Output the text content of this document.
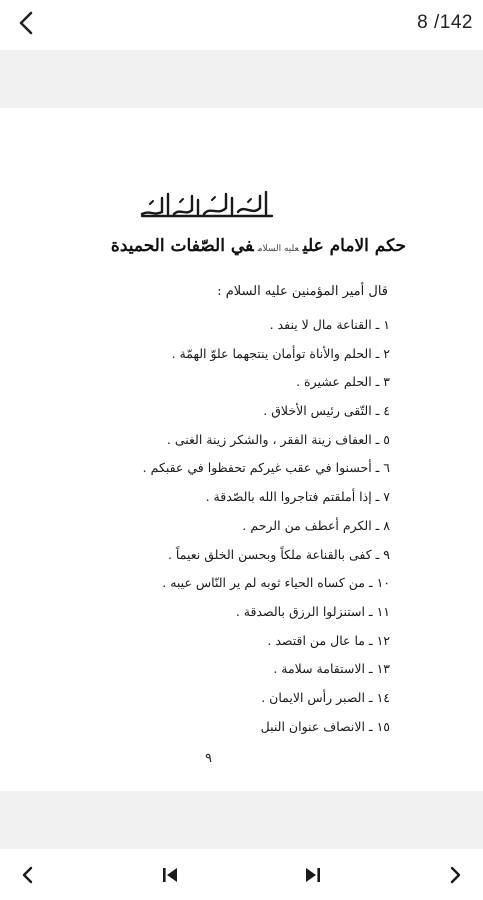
8 /142
حكم الامام عليعليه السلامفي الصّفات الحميدة
قال أمير المؤمنين عليه السلام :
١ ـ القناعة مال لا ينفد .
٢ ـ الحلم والأناة توأمان ينتجهما علوّ الهمّة .
٣ ـ الحلم عشيرة .
٤ ـ التّقى رئيس الأخلاق .
٥ ـ العفاف زينة الفقر ، والشكر زينة الغنى .
٦ ـ أحسنوا في عقب غيركم تحفظوا في عقبكم .
٧ ـ إذا أملقتم فتاجروا الله بالصّدقة .
٨ ـ الكرم أعطف من الرحم .
٩ ـ كفى بالقناعة ملكاً وبحسن الخلق نعيماً .
١٠ ـ من كساه الحياء ثوبه لم ير النّاس عيبه .
١١ ـ استنزلوا الرزق بالصدقة .
١٢ ـ ما عال من اقتصد .
١٣ ـ الاستقامة سلامة .
١٤ ـ الصبر رأس الايمان .
١٥ ـ الانصاف عنوان النبل
٩
